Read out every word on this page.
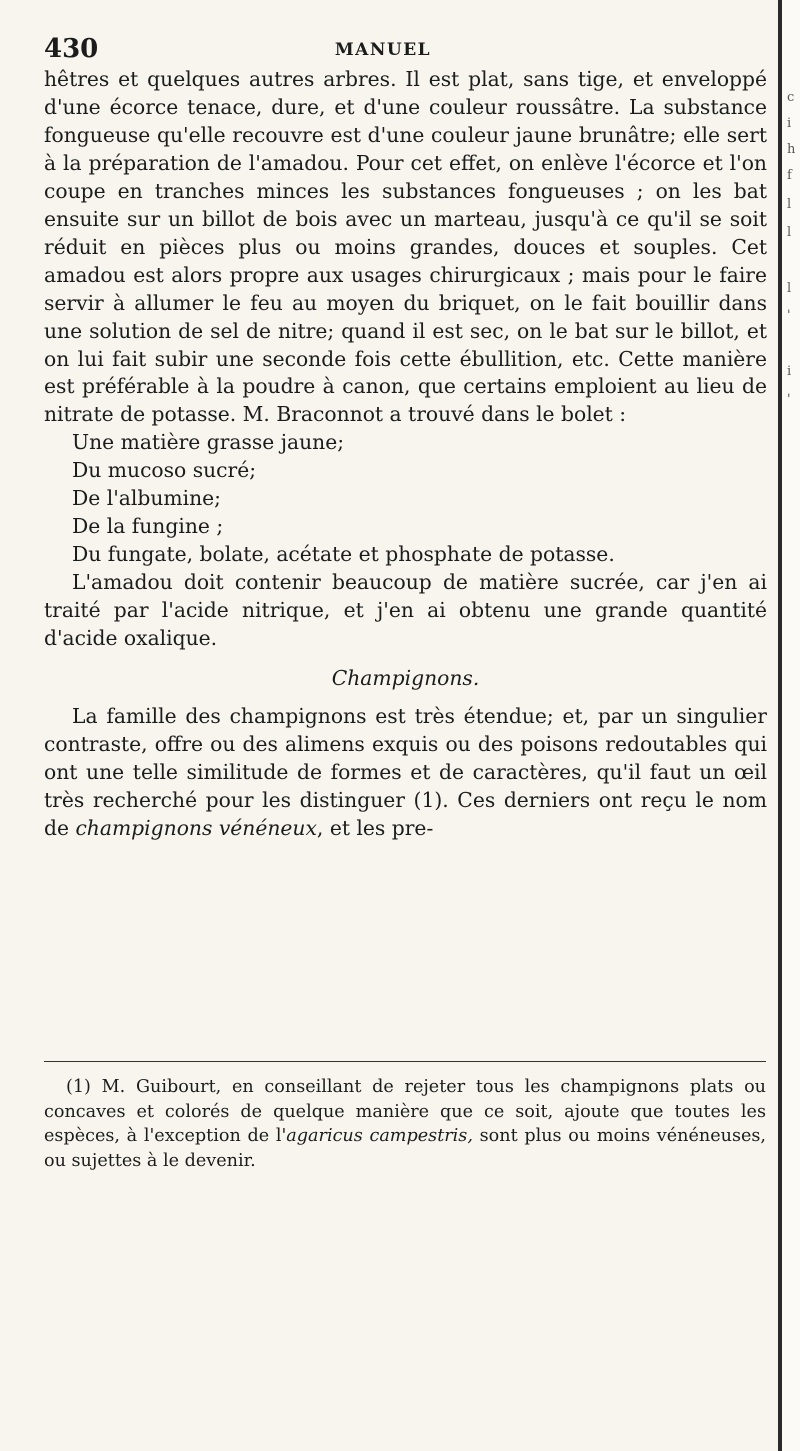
c
i
h
f
l
l
l
'
i
'
430	MANUEL

hêtres et quelques autres arbres. Il est plat, sans tige, et enveloppé d'une écorce tenace, dure, et d'une couleur roussâtre. La substance fongueuse qu'elle recouvre est d'une couleur jaune brunâtre; elle sert à la préparation de l'amadou. Pour cet effet, on enlève l'écorce et l'on coupe en tranches minces les substances fongueuses ; on les bat ensuite sur un billot de bois avec un marteau, jusqu'à ce qu'il se soit réduit en pièces plus ou moins grandes, douces et souples. Cet amadou est alors propre aux usages chirurgicaux ; mais pour le faire servir à allumer le feu au moyen du briquet, on le fait bouillir dans une solution de sel de nitre; quand il est sec, on le bat sur le billot, et on lui fait subir une seconde fois cette ébullition, etc. Cette manière est préférable à la poudre à canon, que certains emploient au lieu de nitrate de potasse. M. Braconnot a trouvé dans le bolet :

Une matière grasse jaune;

Du mucoso sucré;

De l'albumine;

De la fungine ;

Du fungate, bolate, acétate et phosphate de potasse.

L'amadou doit contenir beaucoup de matière sucrée, car j'en ai traité par l'acide nitrique, et j'en ai obtenu une grande quantité d'acide oxalique.

Champignons.

La famille des champignons est très étendue; et, par un singulier contraste, offre ou des alimens exquis ou des poisons redoutables qui ont une telle similitude de formes et de caractères, qu'il faut un œil très recherché pour les distinguer (1). Ces derniers ont reçu le nom de champignons vénéneux, et les pre-

(1) M. Guibourt, en conseillant de rejeter tous les champignons plats ou concaves et colorés de quelque manière que ce soit, ajoute que toutes les espèces, à l'exception de l'agaricus campestris, sont plus ou moins vénéneuses, ou sujettes à le devenir.
